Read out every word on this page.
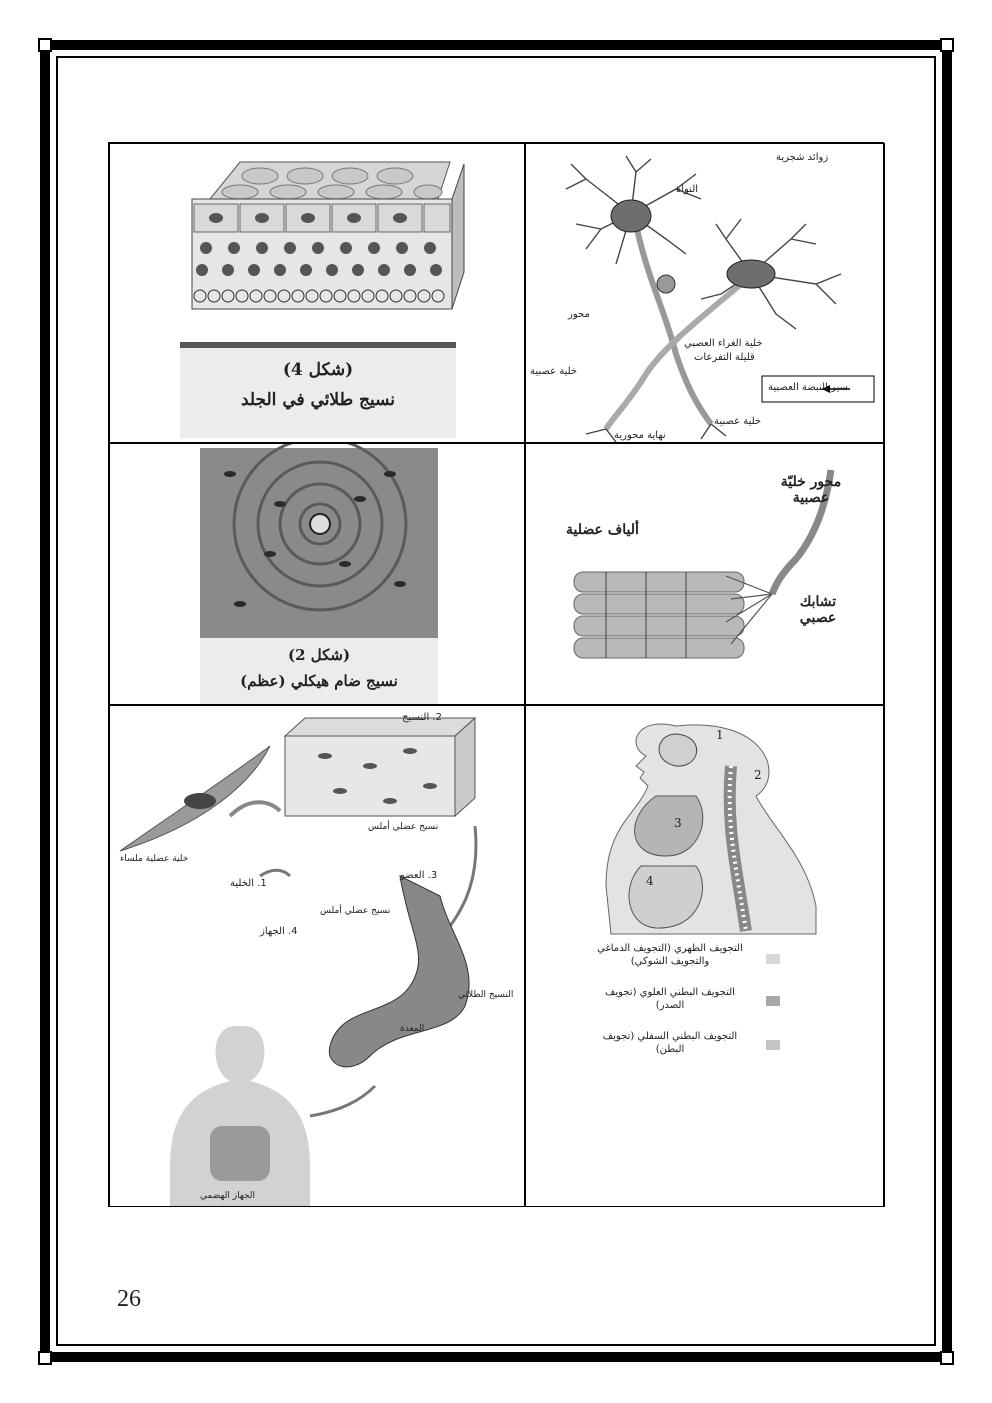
(شكل 4)
نسيج طلائي في الجلد
زوائد شجرية
النواة
محور
خلية الغراء العصبي
قليلة التفرعات
خلية عصبية
خلية عصبية
نهاية محورية
سير النبضة العصبية
(شكل 2)
نسيج ضام هيكلي (عظم)
محور خليّة عصبية
ألياف عضلية
تشابك عصبي
1. الخلية
خلية عضلية ملساء
2. النسيج
نسيج عضلي أملس
3. العضو
نسيج عضلي أملس
النسيج الطلائي
المعدة
4. الجهاز
الجهاز الهضمي
1
2
3
4
التجويف الظهري (التجويف الدماغي والتجويف الشوكي)
التجويف البطني العلوي (تجويف الصدر)
التجويف البطني السفلي (تجويف البطن)
26
